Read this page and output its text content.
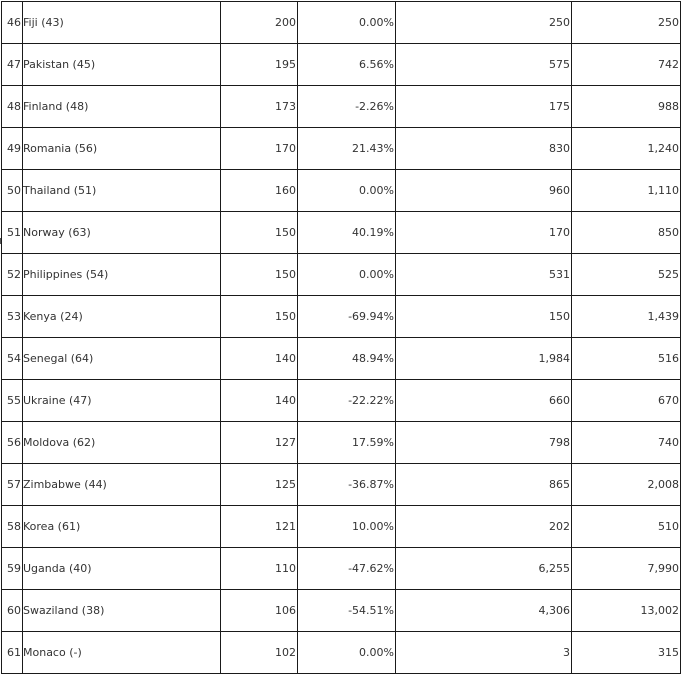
46	Fiji (43)	200	0.00%	250	250
47	Pakistan (45)	195	6.56%	575	742
48	Finland (48)	173	-2.26%	175	988
49	Romania (56)	170	21.43%	830	1,240
50	Thailand (51)	160	0.00%	960	1,110
51	Norway (63)	150	40.19%	170	850
52	Philippines (54)	150	0.00%	531	525
53	Kenya (24)	150	-69.94%	150	1,439
54	Senegal (64)	140	48.94%	1,984	516
55	Ukraine (47)	140	-22.22%	660	670
56	Moldova (62)	127	17.59%	798	740
57	Zimbabwe (44)	125	-36.87%	865	2,008
58	Korea (61)	121	10.00%	202	510
59	Uganda (40)	110	-47.62%	6,255	7,990
60	Swaziland (38)	106	-54.51%	4,306	13,002
61	Monaco (-)	102	0.00%	3	315
